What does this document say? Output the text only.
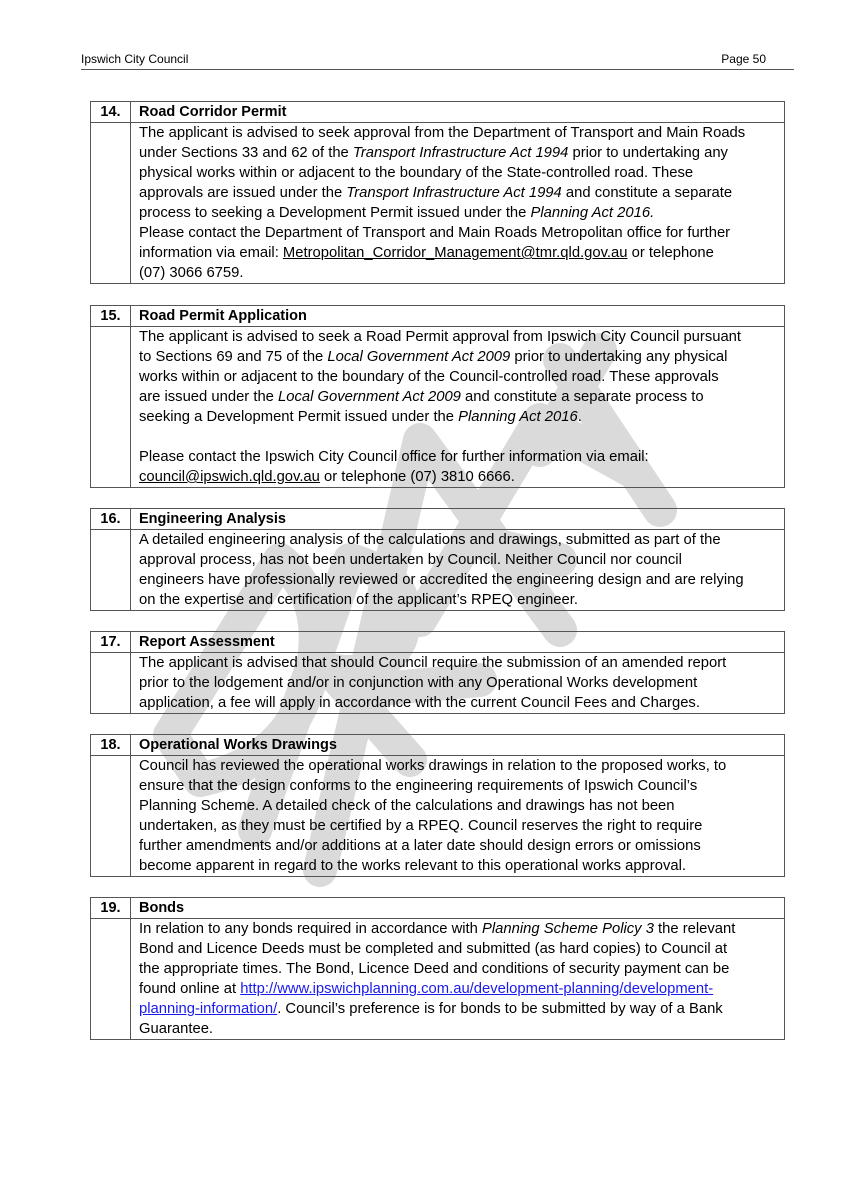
Ipswich City Council	Page 50
14.	Road Corridor Permit
The applicant is advised to seek approval from the Department of Transport and Main Roads
under Sections 33 and 62 of the Transport Infrastructure Act 1994 prior to undertaking any
physical works within or adjacent to the boundary of the State-controlled road. These
approvals are issued under the Transport Infrastructure Act 1994 and constitute a separate
process to seeking a Development Permit issued under the Planning Act 2016.
Please contact the Department of Transport and Main Roads Metropolitan office for further
information via email: Metropolitan_Corridor_Management@tmr.qld.gov.au or telephone
(07) 3066 6759.
15.	Road Permit Application
The applicant is advised to seek a Road Permit approval from Ipswich City Council pursuant
to Sections 69 and 75 of the Local Government Act 2009 prior to undertaking any physical
works within or adjacent to the boundary of the Council-controlled road. These approvals
are issued under the Local Government Act 2009 and constitute a separate process to
seeking a Development Permit issued under the Planning Act 2016.
Please contact the Ipswich City Council office for further information via email:
council@ipswich.qld.gov.au or telephone (07) 3810 6666.
16.	Engineering Analysis
A detailed engineering analysis of the calculations and drawings, submitted as part of the
approval process, has not been undertaken by Council. Neither Council nor council
engineers have professionally reviewed or accredited the engineering design and are relying
on the expertise and certification of the applicant’s RPEQ engineer.
17.	Report Assessment
The applicant is advised that should Council require the submission of an amended report
prior to the lodgement and/or in conjunction with any Operational Works development
application, a fee will apply in accordance with the current Council Fees and Charges.
18.	Operational Works Drawings
Council has reviewed the operational works drawings in relation to the proposed works, to
ensure that the design conforms to the engineering requirements of Ipswich Council’s
Planning Scheme. A detailed check of the calculations and drawings has not been
undertaken, as they must be certified by a RPEQ. Council reserves the right to require
further amendments and/or additions at a later date should design errors or omissions
become apparent in regard to the works relevant to this operational works approval.
19.	Bonds
In relation to any bonds required in accordance with Planning Scheme Policy 3 the relevant
Bond and Licence Deeds must be completed and submitted (as hard copies) to Council at
the appropriate times. The Bond, Licence Deed and conditions of security payment can be
found online at http://www.ipswichplanning.com.au/development-planning/development-
planning-information/. Council’s preference is for bonds to be submitted by way of a Bank
Guarantee.
